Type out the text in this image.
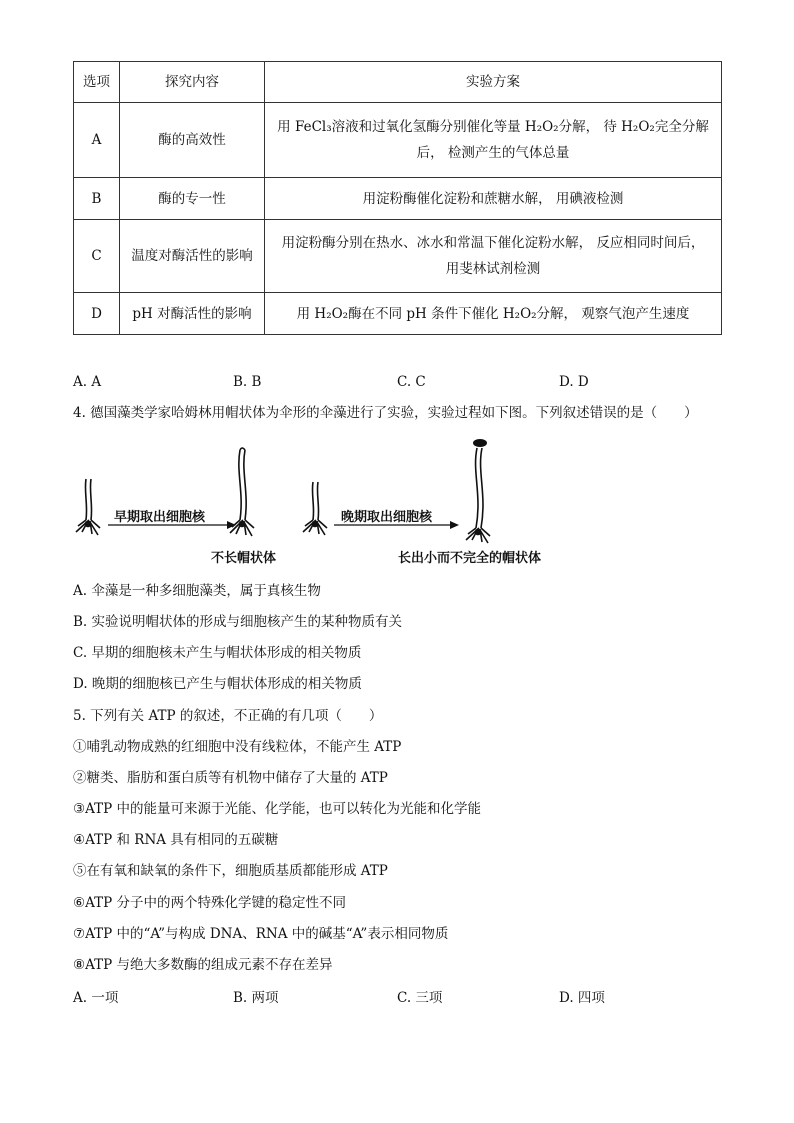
选项	探究内容	实验方案
A	酶的高效性	用 FeCl₃溶液和过氧化氢酶分别催化等量 H₂O₂分解， 待 H₂O₂完全分解后， 检测产生的气体总量
B	酶的专一性	用淀粉酶催化淀粉和蔗糖水解， 用碘液检测
C	温度对酶活性的影响	用淀粉酶分别在热水、冰水和常温下催化淀粉水解， 反应相同时间后， 用斐林试剂检测
D	pH 对酶活性的影响	用 H₂O₂酶在不同 pH 条件下催化 H₂O₂分解， 观察气泡产生速度
A. A	B. B	C. C	D. D
4. 德国藻类学家哈姆林用帽状体为伞形的伞藻进行了实验，实验过程如下图。下列叙述错误的是（　　）
早期取出细胞核	晚期取出细胞核
不长帽状体	长出小而不完全的帽状体
A. 伞藻是一种多细胞藻类，属于真核生物
B. 实验说明帽状体的形成与细胞核产生的某种物质有关
C. 早期的细胞核未产生与帽状体形成的相关物质
D. 晚期的细胞核已产生与帽状体形成的相关物质
5. 下列有关 ATP 的叙述，不正确的有几项（　　）
①哺乳动物成熟的红细胞中没有线粒体，不能产生 ATP
②糖类、脂肪和蛋白质等有机物中储存了大量的 ATP
③ATP 中的能量可来源于光能、化学能，也可以转化为光能和化学能
④ATP 和 RNA 具有相同的五碳糖
⑤在有氧和缺氧的条件下，细胞质基质都能形成 ATP
⑥ATP 分子中的两个特殊化学键的稳定性不同
⑦ATP 中的“A”与构成 DNA、RNA 中的碱基“A”表示相同物质
⑧ATP 与绝大多数酶的组成元素不存在差异
A. 一项	B. 两项	C. 三项	D. 四项
